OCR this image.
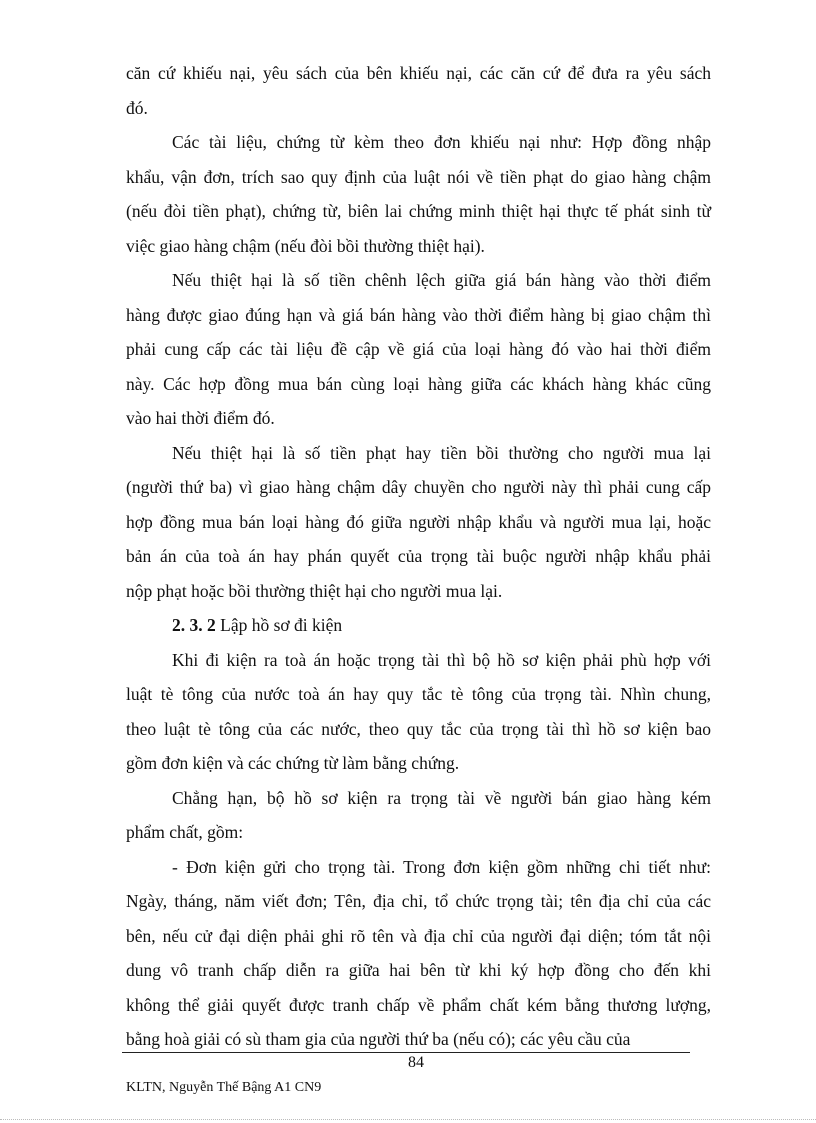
căn cứ khiếu nại, yêu sách của bên khiếu nại, các căn cứ để đưa ra yêu sách
đó.
Các tài liệu, chứng từ kèm theo đơn khiếu nại như: Hợp đồng nhập
khẩu, vận đơn, trích sao quy định của luật nói về tiền phạt do giao hàng chậm
(nếu đòi tiền phạt), chứng từ, biên lai chứng minh thiệt hại thực tế phát sinh từ
việc giao hàng chậm (nếu đòi bồi thường thiệt hại).
Nếu thiệt hại là số tiền chênh lệch giữa giá bán hàng vào thời điểm
hàng được giao đúng hạn và giá bán hàng vào thời điểm hàng bị giao chậm thì
phải cung cấp các tài liệu đề cập về giá của loại hàng đó vào hai thời điểm
này. Các hợp đồng mua bán cùng loại hàng giữa các khách hàng khác cũng
vào hai thời điểm đó.
Nếu thiệt hại là số tiền phạt hay tiền bồi thường cho người mua lại
(người thứ ba) vì giao hàng chậm dây chuyền cho người này thì phải cung cấp
hợp đồng mua bán loại hàng đó giữa người nhập khẩu và người mua lại, hoặc
bản án của toà án hay phán quyết của trọng tài buộc người nhập khẩu phải
nộp phạt hoặc bồi thường thiệt hại cho người mua lại.
2. 3. 2 Lập hồ sơ đi kiện
Khi đi kiện ra toà án hoặc trọng tài thì bộ hồ sơ kiện phải phù hợp với
luật tè tông của nước toà án hay quy tắc tè tông của trọng tài. Nhìn chung,
theo luật tè tông của các nước, theo quy tắc của trọng tài thì hồ sơ kiện bao
gồm đơn kiện và các chứng từ làm bằng chứng.
Chẳng hạn, bộ hồ sơ kiện ra trọng tài về người bán giao hàng kém
phẩm chất, gồm:
- Đơn kiện gửi cho trọng tài. Trong đơn kiện gồm những chi tiết như:
Ngày, tháng, năm viết đơn; Tên, địa chỉ, tổ chức trọng tài; tên địa chỉ của các
bên, nếu cử đại diện phải ghi rõ tên và địa chỉ của người đại diện; tóm tắt nội
dung vô tranh chấp diễn ra giữa hai bên từ khi ký hợp đồng cho đến khi
không thể giải quyết được tranh chấp về phẩm chất kém bằng thương lượng,
bằng hoà giải có sù tham gia của người thứ ba (nếu có); các yêu cầu của
84
KLTN, Nguyễn Thế Bậng A1 CN9
